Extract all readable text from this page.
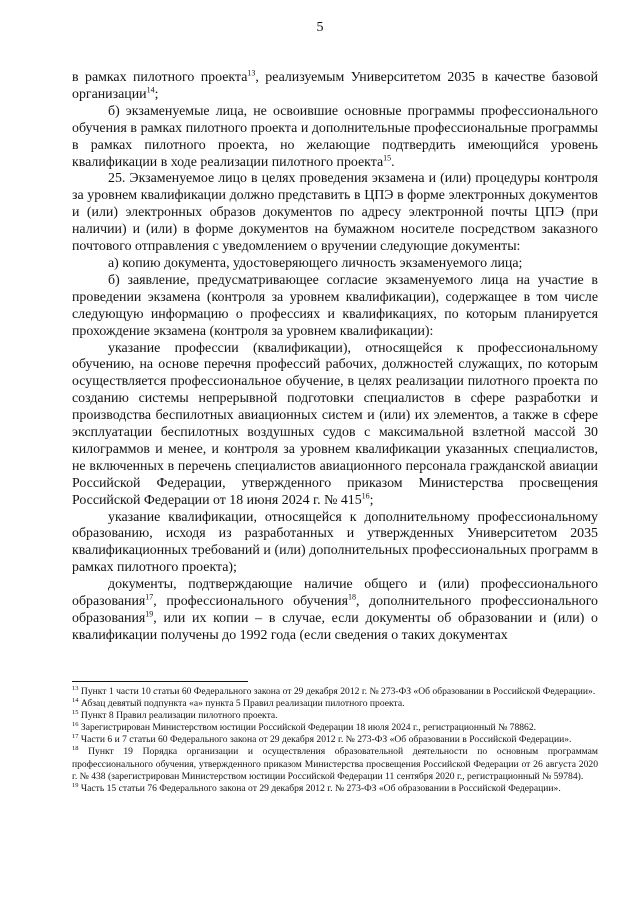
5

в рамках пилотного проекта$^{13}$, реализуемым Университетом 2035 в качестве базовой организации$^{14}$;

б) экзаменуемые лица, не освоившие основные программы профессионального обучения в рамках пилотного проекта и дополнительные профессиональные программы в рамках пилотного проекта, но желающие подтвердить имеющийся уровень квалификации в ходе реализации пилотного проекта$^{15}$.

25. Экзаменуемое лицо в целях проведения экзамена и (или) процедуры контроля за уровнем квалификации должно представить в ЦПЭ в форме электронных документов и (или) электронных образов документов по адресу электронной почты ЦПЭ (при наличии) и (или) в форме документов на бумажном носителе посредством заказного почтового отправления с уведомлением о вручении следующие документы:

а) копию документа, удостоверяющего личность экзаменуемого лица;

б) заявление, предусматривающее согласие экзаменуемого лица на участие в проведении экзамена (контроля за уровнем квалификации), содержащее в том числе следующую информацию о профессиях и квалификациях, по которым планируется прохождение экзамена (контроля за уровнем квалификации):

указание профессии (квалификации), относящейся к профессиональному обучению, на основе перечня профессий рабочих, должностей служащих, по которым осуществляется профессиональное обучение, в целях реализации пилотного проекта по созданию системы непрерывной подготовки специалистов в сфере разработки и производства беспилотных авиационных систем и (или) их элементов, а также в сфере эксплуатации беспилотных воздушных судов с максимальной взлетной массой 30 килограммов и менее, и контроля за уровнем квалификации указанных специалистов, не включенных в перечень специалистов авиационного персонала гражданской авиации Российской Федерации, утвержденного приказом Министерства просвещения Российской Федерации от 18 июня 2024 г. № $415^{16}$;

указание квалификации, относящейся к дополнительному профессиональному образованию, исходя из разработанных и утвержденных Университетом 2035 квалификационных требований и (или) дополнительных профессиональных программ в рамках пилотного проекта);

документы, подтверждающие наличие общего и (или) профессионального образования$^{17}$, профессионального обучения$^{18}$, дополнительного профессионального образования$^{19}$, или их копии – в случае, если документы об образовании и (или) о квалификации получены до 1992 года (если сведения о таких документах

$^{13}$ Пункт 1 части 10 статьи 60 Федерального закона от 29 декабря 2012 г. № 273-ФЗ «Об образовании в Российской Федерации».

$^{14}$ Абзац девятый подпункта «а» пункта 5 Правил реализации пилотного проекта.

$^{15}$ Пункт 8 Правил реализации пилотного проекта.

$^{16}$ Зарегистрирован Министерством юстиции Российской Федерации 18 июля 2024 г., регистрационный № 78862.

$^{17}$ Части 6 и 7 статьи 60 Федерального закона от 29 декабря 2012 г. № 273-ФЗ «Об образовании в Российской Федерации».

$^{18}$ Пункт 19 Порядка организации и осуществления образовательной деятельности по основным программам профессионального обучения, утвержденного приказом Министерства просвещения Российской Федерации от 26 августа 2020 г. № 438 (зарегистрирован Министерством юстиции Российской Федерации 11 сентября 2020 г., регистрационный № 59784).

$^{19}$ Часть 15 статьи 76 Федерального закона от 29 декабря 2012 г. № 273-ФЗ «Об образовании в Российской Федерации».
